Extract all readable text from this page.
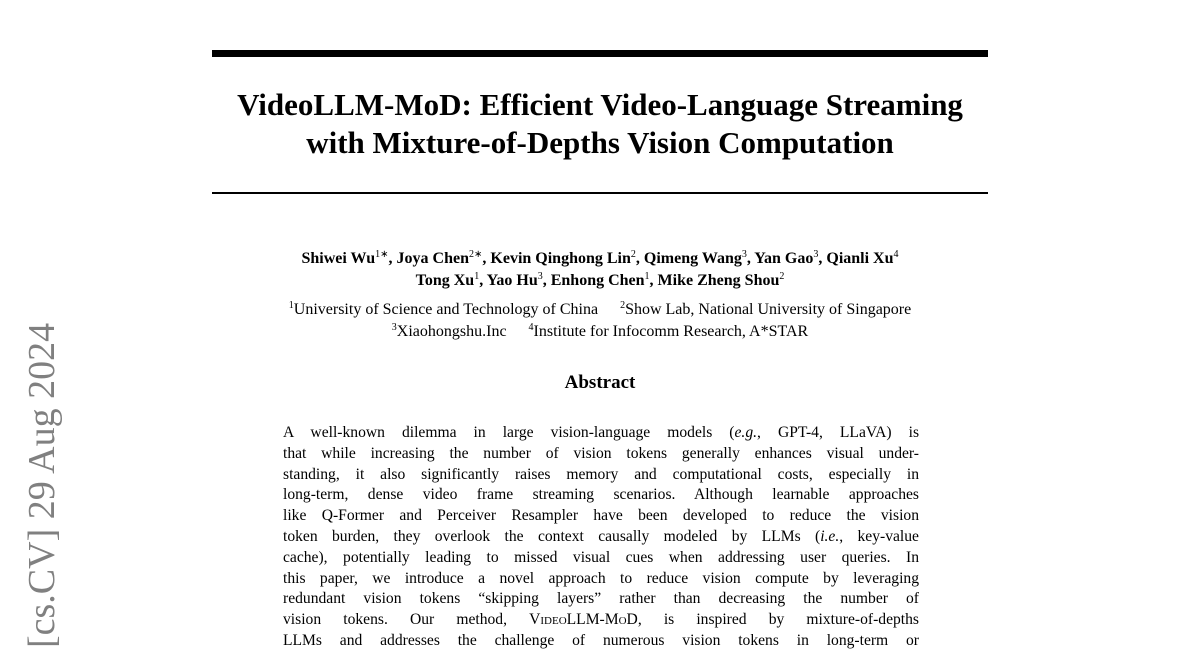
[cs.CV] 29 Aug 2024
VideoLLM-MoD: Efficient Video-Language Streaming
with Mixture-of-Depths Vision Computation
Shiwei $Wu^{1∗}$, Joya Chen$^{2∗}$, Kevin Qinghong Lin$^2$, Qimeng Wang$^3$, Yan Gao$^3$, Qianli Xu$^4$
Tong Xu$^1$, Yao Hu$^3$, Enhong Chen$^1$, Mike Zheng Shou$^2$
$^1$University of Science and Technology of China $^2$Show Lab, National University of Singapore
$^3$Xiaohongshu.Inc $^4$Institute for Infocomm Research, A*STAR
Abstract
A well-known dilemma in large vision-language models (e.g., GPT-4, LLaVA) is
that while increasing the number of vision tokens generally enhances visual under-
standing, it also significantly raises memory and computational costs, especially in
long-term, dense video frame streaming scenarios. Although learnable approaches
like Q-Former and Perceiver Resampler have been developed to reduce the vision
token burden, they overlook the context causally modeled by LLMs (i.e., key-value
cache), potentially leading to missed visual cues when addressing user queries. In
this paper, we introduce a novel approach to reduce vision compute by leveraging
redundant vision tokens “skipping layers” rather than decreasing the number of
vision tokens. Our method, VideoLLM-MoD, is inspired by mixture-of-depths
LLMs and addresses the challenge of numerous vision tokens in long-term or
